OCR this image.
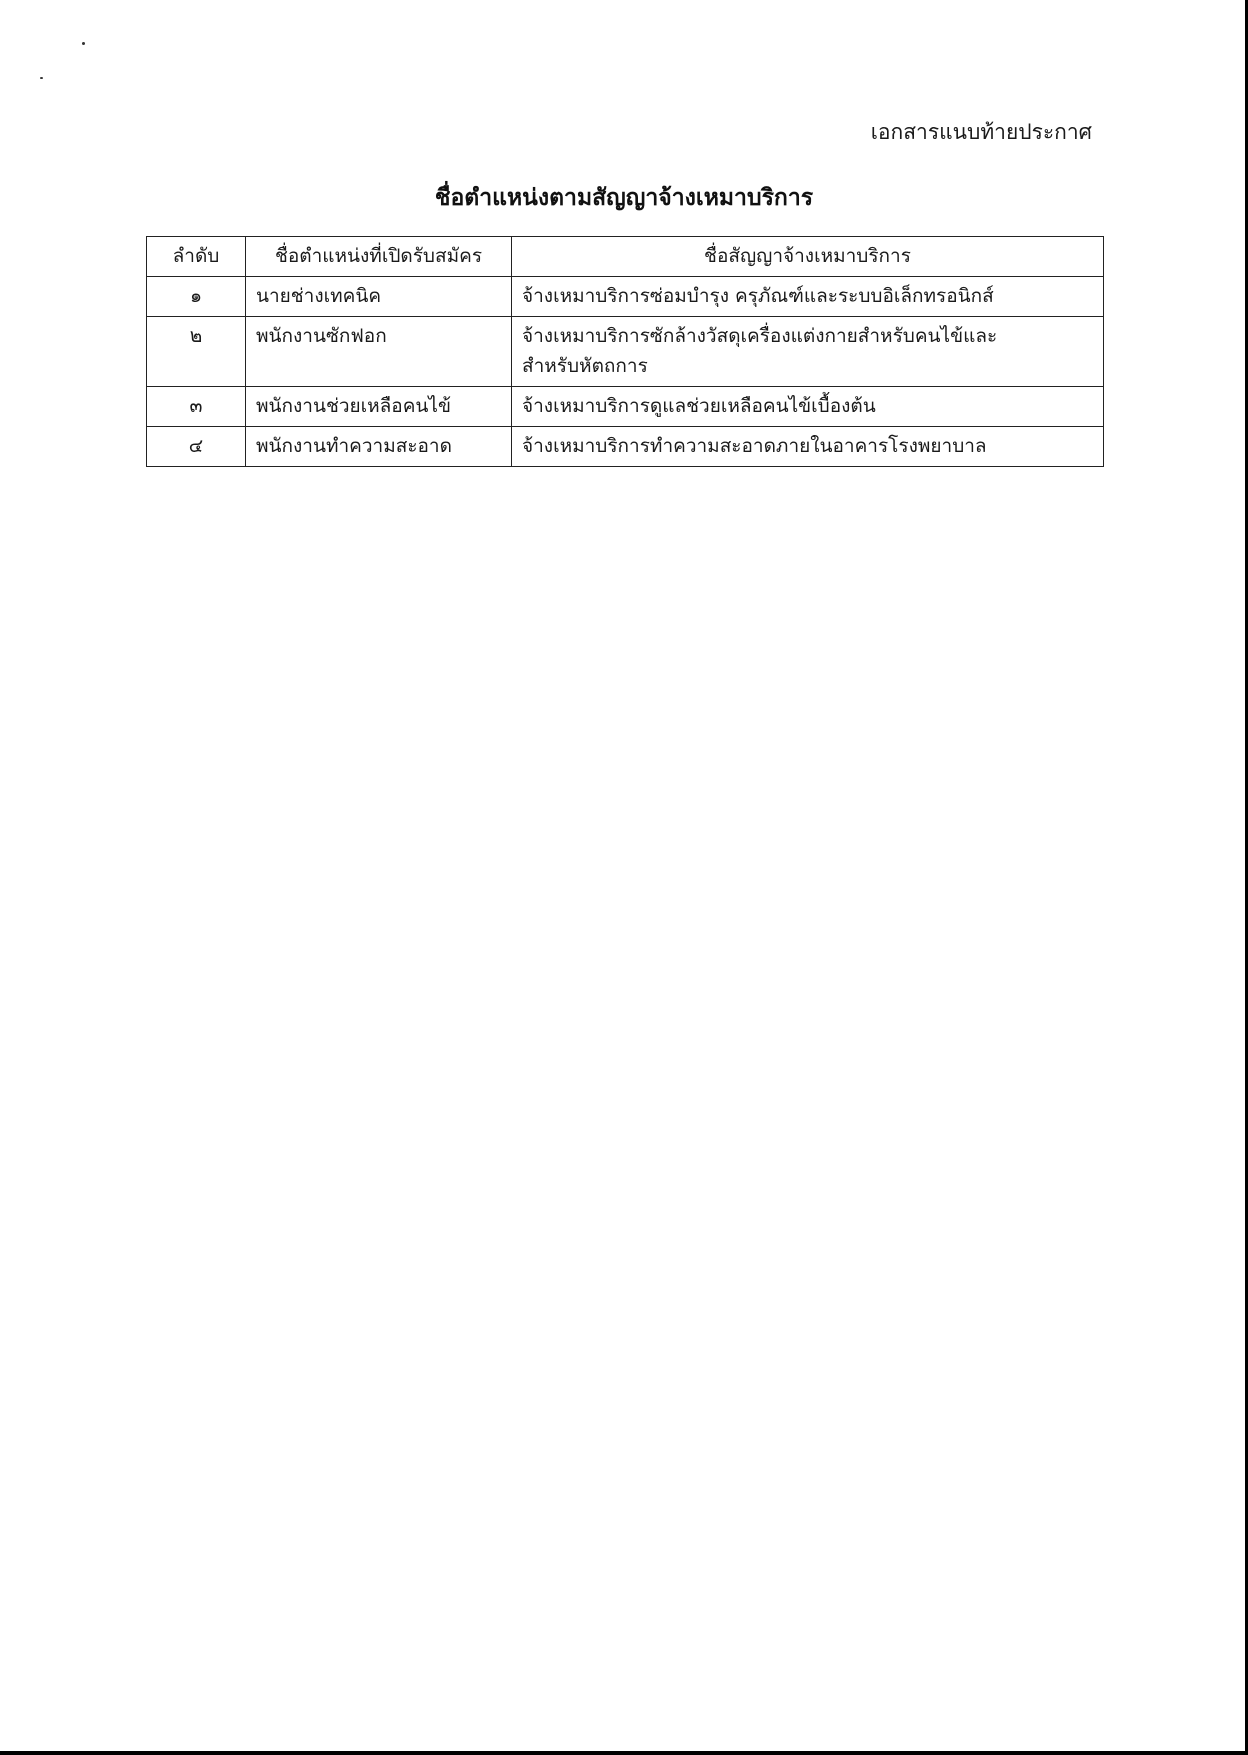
เอกสารแนบท้ายประกาศ
ชื่อตำแหน่งตามสัญญาจ้างเหมาบริการ
ลำดับ	ชื่อตำแหน่งที่เปิดรับสมัคร	ชื่อสัญญาจ้างเหมาบริการ
๑	นายช่างเทคนิค	จ้างเหมาบริการซ่อมบำรุง ครุภัณฑ์และระบบอิเล็กทรอนิกส์
๒	พนักงานซักฟอก	จ้างเหมาบริการซักล้างวัสดุเครื่องแต่งกายสำหรับคนไข้และสำหรับหัตถการ
๓	พนักงานช่วยเหลือคนไข้	จ้างเหมาบริการดูแลช่วยเหลือคนไข้เบื้องต้น
๔	พนักงานทำความสะอาด	จ้างเหมาบริการทำความสะอาดภายในอาคารโรงพยาบาล
